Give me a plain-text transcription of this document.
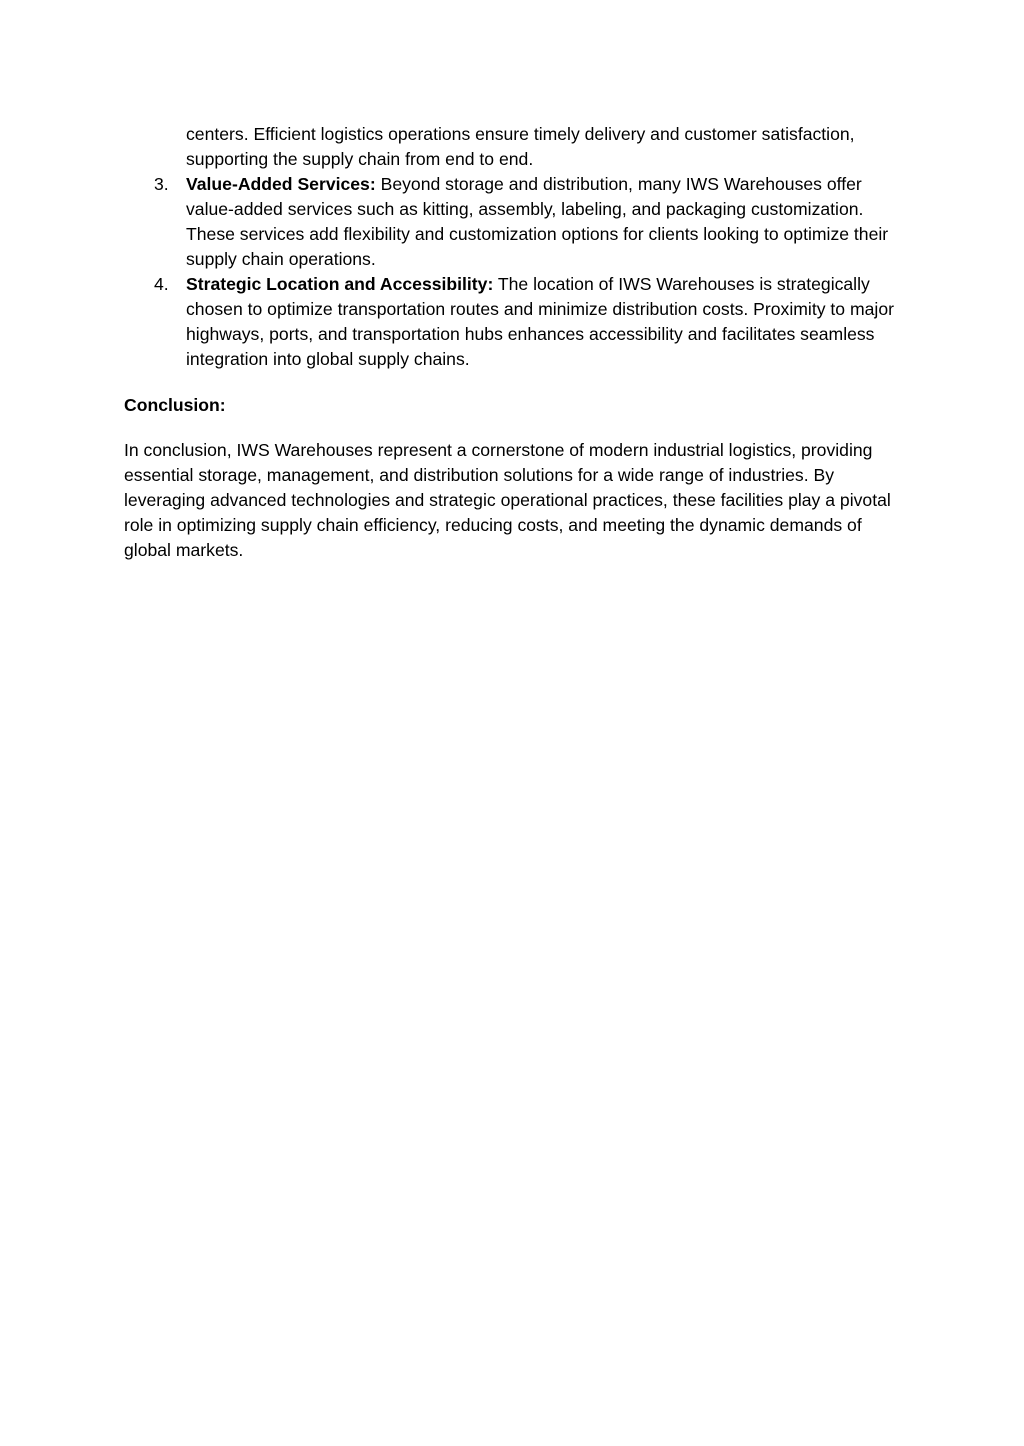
centers. Efficient logistics operations ensure timely delivery and customer satisfaction, supporting the supply chain from end to end.

3. Value-Added Services: Beyond storage and distribution, many IWS Warehouses offer value-added services such as kitting, assembly, labeling, and packaging customization. These services add flexibility and customization options for clients looking to optimize their supply chain operations.
4. Strategic Location and Accessibility: The location of IWS Warehouses is strategically chosen to optimize transportation routes and minimize distribution costs. Proximity to major highways, ports, and transportation hubs enhances accessibility and facilitates seamless integration into global supply chains.
Conclusion:

In conclusion, IWS Warehouses represent a cornerstone of modern industrial logistics, providing essential storage, management, and distribution solutions for a wide range of industries. By leveraging advanced technologies and strategic operational practices, these facilities play a pivotal role in optimizing supply chain efficiency, reducing costs, and meeting the dynamic demands of global markets.
